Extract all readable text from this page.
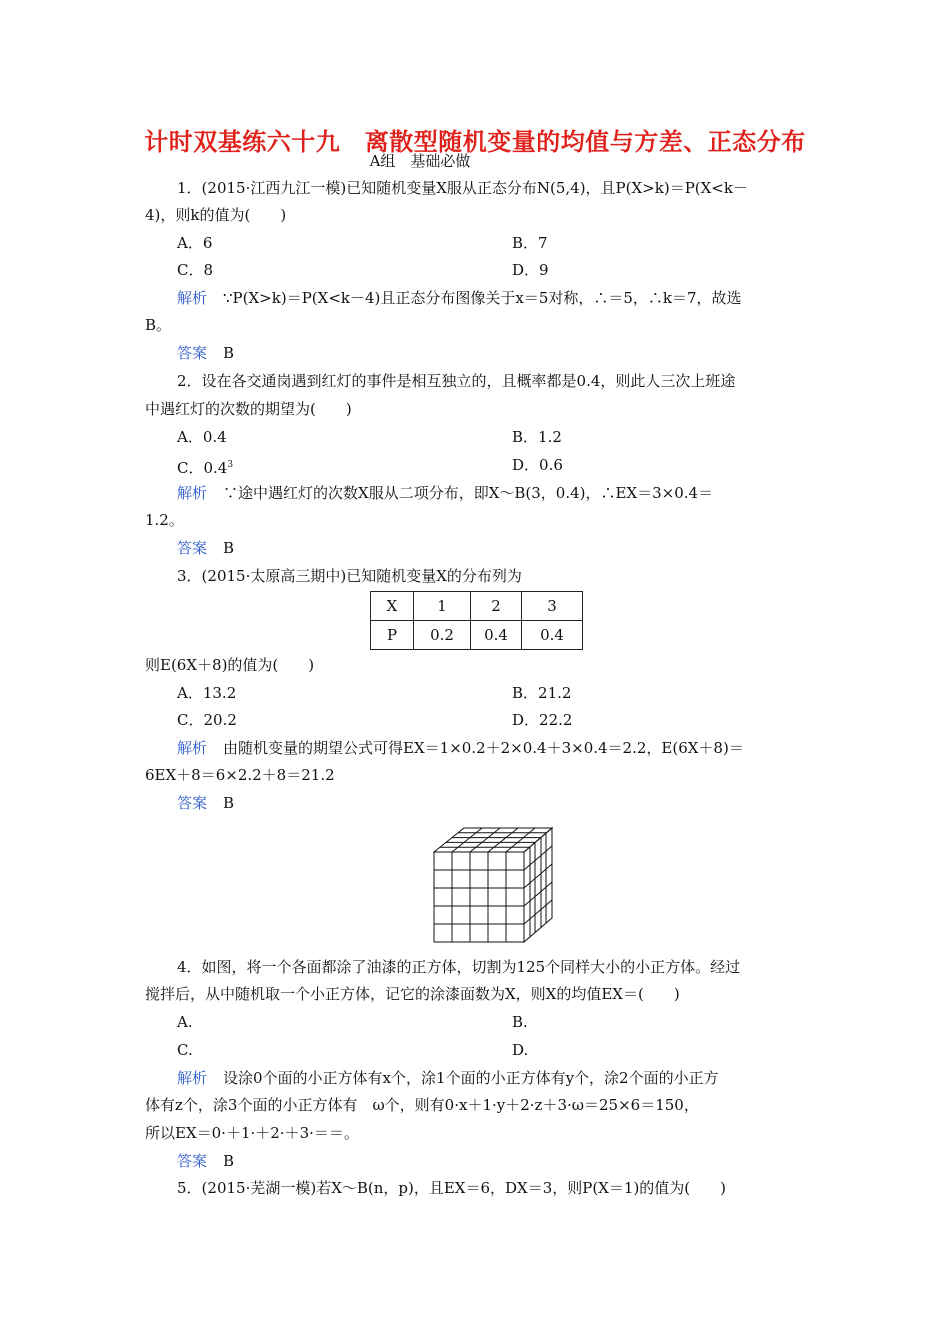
计时双基练六十九　离散型随机变量的均值与方差、正态分布
A组　基础必做
1．(2015·江西九江一模)已知随机变量X服从正态分布N(5,4)，且P(X>k)＝P(X<k－
4)，则k的值为(　　)
A．6	B．7
C．8	D．9
解析 ∵P(X>k)＝P(X<k－4)且正态分布图像关于x＝5对称，∴＝5，∴k＝7，故选
B。
答案 B
2．设在各交通岗遇到红灯的事件是相互独立的，且概率都是0.4，则此人三次上班途
中遇红灯的次数的期望为(　　)
A．0.4	B．1.2
C．$0.4^3$	D．0.6
解析 ∵途中遇红灯的次数X服从二项分布，即X～B(3，0.4)，∴EX＝3×0.4＝
1.2。
答案 B
3．(2015·太原高三期中)已知随机变量X的分布列为
X	1	2	3
P	0.2	0.4	0.4
则E(6X＋8)的值为(　　)
A．13.2	B．21.2
C．20.2	D．22.2
解析 由随机变量的期望公式可得EX＝1×0.2＋2×0.4＋3×0.4＝2.2，E(6X＋8)＝
6EX＋8＝6×2.2＋8＝21.2
答案 B
4．如图，将一个各面都涂了油漆的正方体，切割为125个同样大小的小正方体。经过
搅拌后，从中随机取一个小正方体，记它的涂漆面数为X，则X的均值EX＝(　　)
A.	B.
C.	D.
解析 设涂0个面的小正方体有x个，涂1个面的小正方体有y个，涂2个面的小正方
体有z个，涂3个面的小正方体有　ω个，则有0·x＋1·y＋2·z＋3·ω＝25×6＝150，
所以EX＝0·＋1·＋2·＋3·＝＝。
答案 B
5．(2015·芜湖一模)若X～B(n，p)，且EX＝6，DX＝3，则P(X＝1)的值为(　　)
